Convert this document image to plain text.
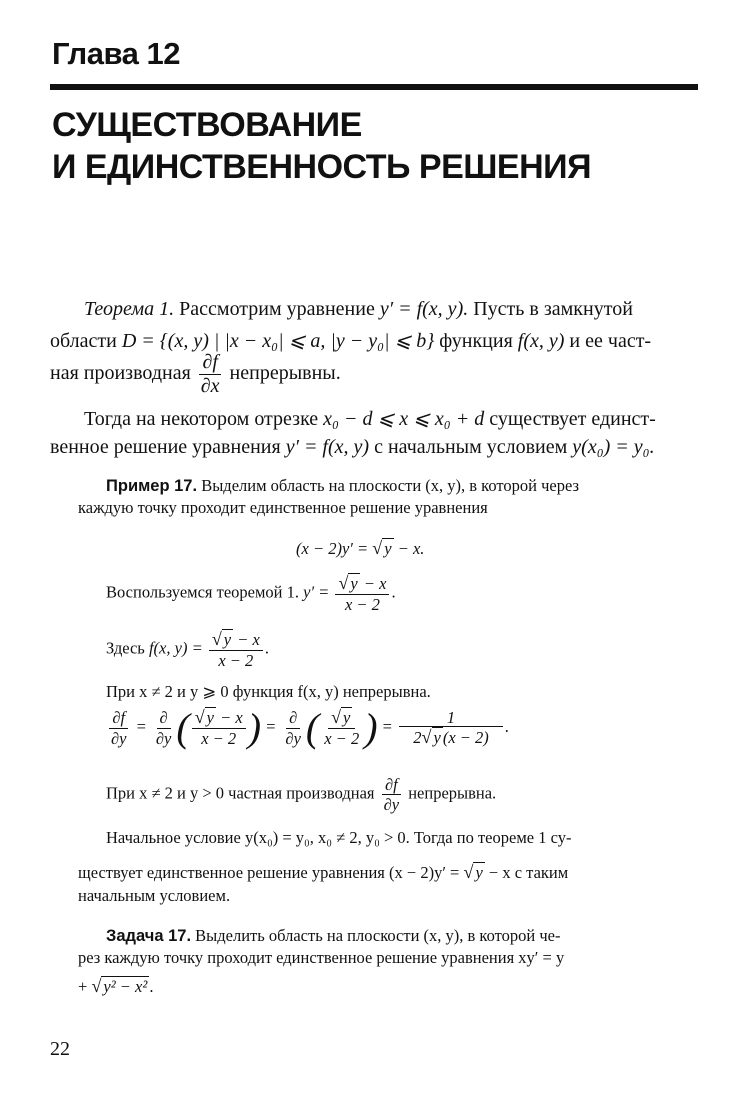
Глава 12
СУЩЕСТВОВАНИЕ
И ЕДИНСТВЕННОСТЬ РЕШЕНИЯ
Теорема 1. Рассмотрим уравнение y′ = f(x, y). Пусть в замкнутой
области D = {(x, y) | |x − x₀| ⩽ a, |y − y₀| ⩽ b} функция f(x, y) и ее част-
ная производная $\frac{\partial f}{\partial x}$ непрерывны.
Тогда на некотором отрезке x₀ − d ⩽ x ⩽ x₀ + d существует единст-
венное решение уравнения y′ = f(x, y) с начальным условием y(x₀) = y₀.
Пример 17. Выделим область на плоскости (x, y), в которой через
каждую точку проходит единственное решение уравнения
(x − 2)y′ = √ y − x.
Воспользуемся теоремой 1. $y' = \frac{√ y - x}{x - 2}$ .
Здесь f(x, $y) = \frac{√ y - x}{x - 2}$ .
При x ≠ 2 и y ⩾ 0 функция f(x, y) непрерывна.
$\frac{\partial f}{\partial y} = \frac{\partial}{\partial y}$ ( $\frac{√ y - x}{x - 2}$ ) = $\frac{\partial}{\partial y}$ ( $\frac{√ y}{x - 2}$ ) = $\frac{1}{2√ y (x - 2)}$ .
При x ≠ 2 и y > 0 частная производная $\frac{\partial f}{\partial y}$ непрерывна.
Начальное условие y(x₀) = y₀, x₀ ≠ 2, y₀ > 0. Тогда по теореме 1 су-
ществует единственное решение уравнения (x − 2)y′ = √ y − x с таким
начальным условием.
Задача 17. Выделить область на плоскости (x, y), в которой че-
рез каждую точку проходит единственное решение уравнения xy′ = y
+ √ y² − x² .
22
